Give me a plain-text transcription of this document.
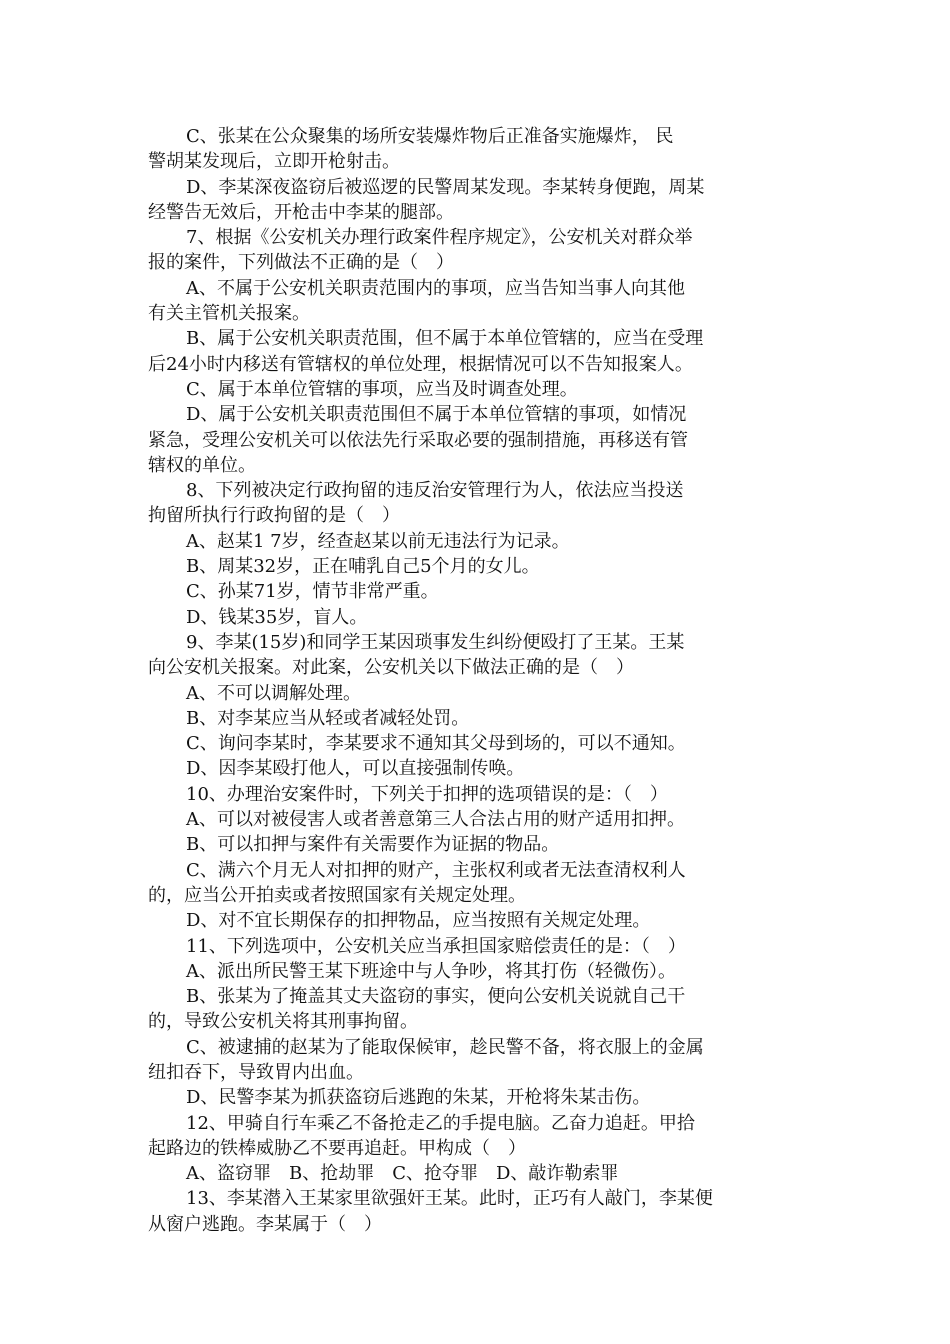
C、张某在公众聚集的场所安装爆炸物后正准备实施爆炸， 民
警胡某发现后，立即开枪射击。
D、李某深夜盗窃后被巡逻的民警周某发现。李某转身便跑，周某
经警告无效后，开枪击中李某的腿部。
7、根据《公安机关办理行政案件程序规定》，公安机关对群众举
报的案件，下列做法不正确的是（　）
A、不属于公安机关职责范围内的事项，应当告知当事人向其他
有关主管机关报案。
B、属于公安机关职责范围，但不属于本单位管辖的，应当在受理
后24小时内移送有管辖权的单位处理，根据情况可以不告知报案人。
C、属于本单位管辖的事项，应当及时调查处理。
D、属于公安机关职责范围但不属于本单位管辖的事项，如情况
紧急，受理公安机关可以依法先行采取必要的强制措施，再移送有管
辖权的单位。
8、下列被决定行政拘留的违反治安管理行为人，依法应当投送
拘留所执行行政拘留的是（　）
A、赵某1 7岁，经查赵某以前无违法行为记录。
B、周某32岁，正在哺乳自己5个月的女儿。
C、孙某71岁，情节非常严重。
D、钱某35岁，盲人。
9、李某(15岁)和同学王某因琐事发生纠纷便殴打了王某。王某
向公安机关报案。对此案，公安机关以下做法正确的是（　）
A、不可以调解处理。
B、对李某应当从轻或者减轻处罚。
C、询问李某时，李某要求不通知其父母到场的，可以不通知。
D、因李某殴打他人，可以直接强制传唤。
10、办理治安案件时，下列关于扣押的选项错误的是：（　）
A、可以对被侵害人或者善意第三人合法占用的财产适用扣押。
B、可以扣押与案件有关需要作为证据的物品。
C、满六个月无人对扣押的财产，主张权利或者无法查清权利人
的，应当公开拍卖或者按照国家有关规定处理。
D、对不宜长期保存的扣押物品，应当按照有关规定处理。
11、下列选项中，公安机关应当承担国家赔偿责任的是：（　）
A、派出所民警王某下班途中与人争吵，将其打伤（轻微伤）。
B、张某为了掩盖其丈夫盗窃的事实，便向公安机关说就自己干
的，导致公安机关将其刑事拘留。
C、被逮捕的赵某为了能取保候审，趁民警不备，将衣服上的金属
纽扣吞下，导致胃内出血。
D、民警李某为抓获盗窃后逃跑的朱某，开枪将朱某击伤。
12、甲骑自行车乘乙不备抢走乙的手提电脑。乙奋力追赶。甲拾
起路边的铁棒威胁乙不要再追赶。甲构成（　）
A、盗窃罪　B、抢劫罪　C、抢夺罪　D、敲诈勒索罪
13、李某潜入王某家里欲强奸王某。此时，正巧有人敲门，李某便
从窗户逃跑。李某属于（　）
